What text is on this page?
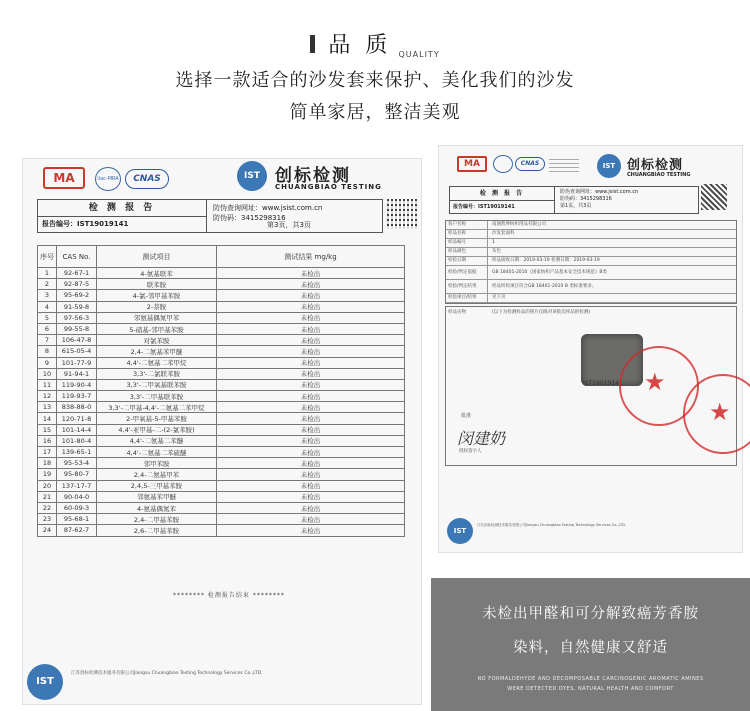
品 质 QUALITY
选择一款适合的沙发套来保护、美化我们的沙发
简单家居，整洁美观
MA	ilac-MRA	CNAS	IST 创标检测
CHUANGBIAO TESTING
检 测 报 告
报告编号：IST19019141
防伪查询网址：www.jsist.com.cn
防伪码：3415298316
第3页，共3页
序号	CAS No.	测试项目	测试结果 mg/kg
1	92-67-1	4-氨基联苯	未检出
2	92-87-5	联苯胺	未检出
3	95-69-2	4-氯-邻甲基苯胺	未检出
4	91-59-8	2-萘胺	未检出
5	97-56-3	邻氨基偶氮甲苯	未检出
6	99-55-8	5-硝基-邻甲基苯胺	未检出
7	106-47-8	对氯苯胺	未检出
8	615-05-4	2,4-二氨基苯甲醚	未检出
9	101-77-9	4,4'-二氨基二苯甲烷	未检出
10	91-94-1	3,3'-二氯联苯胺	未检出
11	119-90-4	3,3'-二甲氧基联苯胺	未检出
12	119-93-7	3,3'-二甲基联苯胺	未检出
13	838-88-0	3,3'-二甲基-4,4'-二氨基二苯甲烷	未检出
14	120-71-8	2-甲氧基-5-甲基苯胺	未检出
15	101-14-4	4,4'-亚甲基-二-(2-氯苯胺)	未检出
16	101-80-4	4,4'-二氨基二苯醚	未检出
17	139-65-1	4,4'-二氨基二苯硫醚	未检出
18	95-53-4	邻甲苯胺	未检出
19	95-80-7	2,4-二氨基甲苯	未检出
20	137-17-7	2,4,5-三甲基苯胺	未检出
21	90-04-0	邻氨基苯甲醚	未检出
22	60-09-3	4-氨基偶氮苯	未检出
23	95-68-1	2,4-二甲基苯胺	未检出
24	87-62-7	2,6-二甲基苯胺	未检出
******** 检测报告结束 ********
IST
江苏创标检测技术服务有限公司Jiangsu Chuangbiao Testing Technology Services Co.,LTD.
MA	CNAS	IST 创标检测
CHUANGBIAO TESTING
检 测 报 告
报告编号：IST19019141
防伪查询网址：www.jsist.com.cn
防伪码：3415298316
第1页，共3页
客户名称	南通凯坤纺织用品有限公司
样品名称	沙发套面料
样品编号	1
样品颜色	灰色
检验日期	样品接收日期：2019-03-19 检测日期：2019-03-19
检验/判定依据	GB 18401-2010《国家纺织产品基本安全技术规范》B类
检验/判定结果	样品所检项目符合GB 18401-2010 B 类标准要求。
检验项目/结果	见下页
样品实物	(以下为检测样品的照片仅限对该批次样品的检测)
IST19019141 ★
★
批准
闵建奶
授权签字人
IST
江苏创标检测技术服务有限公司Jiangsu Chuangbiao Testing Technology Services Co.,LTD.
未检出甲醛和可分解致癌芳香胺
染料，自然健康又舒适
NO FORMALDEHYDE AND DECOMPOSABLE CARCINOGENIC AROMATIC AMINES
WERE DETECTED DYES, NATURAL HEALTH AND COMFORT
